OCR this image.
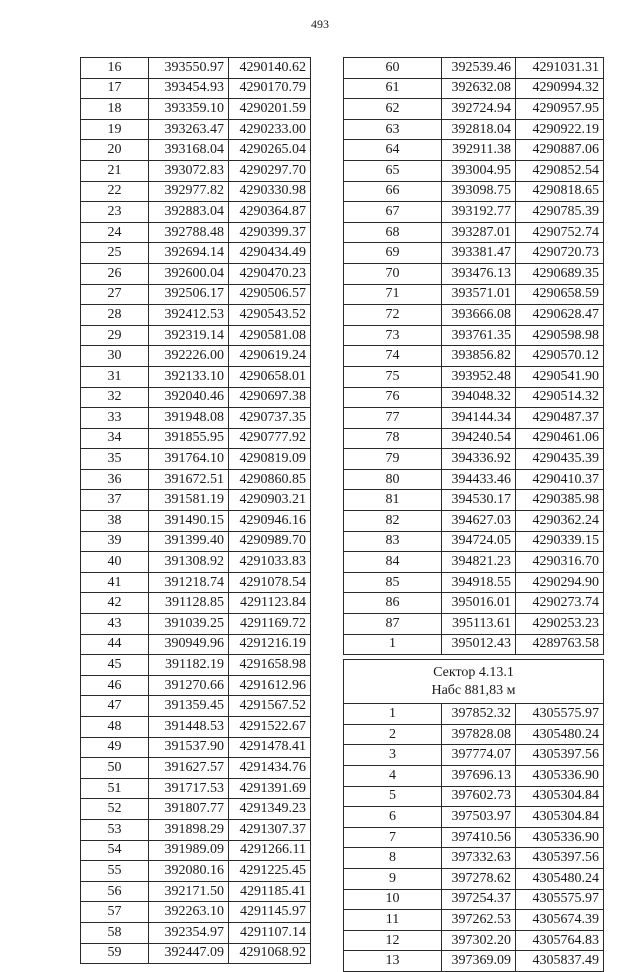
493
16	393550.97	4290140.62
17	393454.93	4290170.79
18	393359.10	4290201.59
19	393263.47	4290233.00
20	393168.04	4290265.04
21	393072.83	4290297.70
22	392977.82	4290330.98
23	392883.04	4290364.87
24	392788.48	4290399.37
25	392694.14	4290434.49
26	392600.04	4290470.23
27	392506.17	4290506.57
28	392412.53	4290543.52
29	392319.14	4290581.08
30	392226.00	4290619.24
31	392133.10	4290658.01
32	392040.46	4290697.38
33	391948.08	4290737.35
34	391855.95	4290777.92
35	391764.10	4290819.09
36	391672.51	4290860.85
37	391581.19	4290903.21
38	391490.15	4290946.16
39	391399.40	4290989.70
40	391308.92	4291033.83
41	391218.74	4291078.54
42	391128.85	4291123.84
43	391039.25	4291169.72
44	390949.96	4291216.19
45	391182.19	4291658.98
46	391270.66	4291612.96
47	391359.45	4291567.52
48	391448.53	4291522.67
49	391537.90	4291478.41
50	391627.57	4291434.76
51	391717.53	4291391.69
52	391807.77	4291349.23
53	391898.29	4291307.37
54	391989.09	4291266.11
55	392080.16	4291225.45
56	392171.50	4291185.41
57	392263.10	4291145.97
58	392354.97	4291107.14
59	392447.09	4291068.92
60	392539.46	4291031.31
61	392632.08	4290994.32
62	392724.94	4290957.95
63	392818.04	4290922.19
64	392911.38	4290887.06
65	393004.95	4290852.54
66	393098.75	4290818.65
67	393192.77	4290785.39
68	393287.01	4290752.74
69	393381.47	4290720.73
70	393476.13	4290689.35
71	393571.01	4290658.59
72	393666.08	4290628.47
73	393761.35	4290598.98
74	393856.82	4290570.12
75	393952.48	4290541.90
76	394048.32	4290514.32
77	394144.34	4290487.37
78	394240.54	4290461.06
79	394336.92	4290435.39
80	394433.46	4290410.37
81	394530.17	4290385.98
82	394627.03	4290362.24
83	394724.05	4290339.15
84	394821.23	4290316.70
85	394918.55	4290294.90
86	395016.01	4290273.74
87	395113.61	4290253.23
1	395012.43	4289763.58

Сектор 4.13.1
Набс 881,83 м		

1	397852.32	4305575.97
2	397828.08	4305480.24
3	397774.07	4305397.56
4	397696.13	4305336.90
5	397602.73	4305304.84
6	397503.97	4305304.84
7	397410.56	4305336.90
8	397332.63	4305397.56
9	397278.62	4305480.24
10	397254.37	4305575.97
11	397262.53	4305674.39
12	397302.20	4305764.83
13	397369.09	4305837.49
